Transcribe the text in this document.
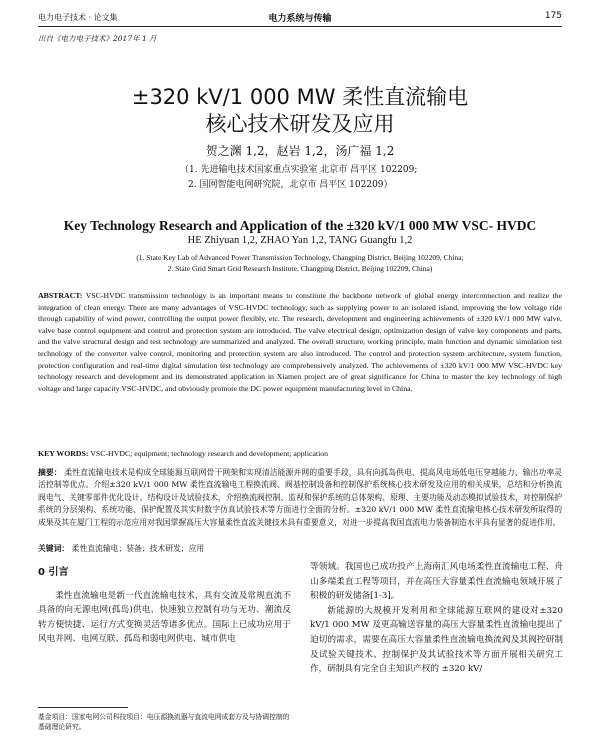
电力电子技术 · 论文集	电力系统与传输	175
出自《电力电子技术》2017年 1 月
±320 kV/1 000 MW 柔性直流输电
核心技术研发及应用
贺之渊 1,2，赵岩 1,2，汤广福 1,2
（1. 先进输电技术国家重点实验室 北京市 昌平区 102209;
2. 国网智能电网研究院，北京市 昌平区 102209）
Key Technology Research and Application of the ±320 kV/1 000 MW VSC- HVDC
HE Zhiyuan 1,2, ZHAO Yan 1,2, TANG Guangfu 1,2
(1. State Key Lab of Advanced Power Transmission Technology, Changping District, Beijing 102209, China;
2. State Grid Smart Grid Research Institute, Changping District, Beijing 102209, China)
ABSTRACT: VSC-HVDC transmission technology is an important means to constitute the backbone network of global energy interconnection and realize the integration of clean energy. There are many advantages of VSC-HVDC technology, such as supplying power to an isolated island, improving the low voltage ride through capability of wind power, controlling the output power flexibly, etc. The research, development and engineering achievements of ±320 kV/1 000 MW valve, valve base control equipment and control and protection system are introduced. The valve electrical design, optimization design of valve key components and parts, and the valve structural design and test technology are summarized and analyzed. The overall structure, working principle, main function and dynamic simulation test technology of the converter valve control, monitoring and protection system are also introduced. The control and protection system architecture, system function, protection configuration and real-time digital simulation test technology are comprehensively analyzed. The achievements of ±320 kV/1 000 MW VSC-HVDC key technology research and development and its demonstrated application in Xiamen project are of great significance for China to master the key technology of high voltage and large capacity VSC-HVDC, and obviously promote the DC power equipment manufacturing level in China.
KEY WORDS: VSC-HVDC; equipment; technology research and development; application
摘要： 柔性直流输电技术是构成全球能源互联网骨干网架和实现清洁能源并网的重要手段，具有向孤岛供电、提高风电场低电压穿越能力、输出功率灵活控制等优点。介绍±320 kV/1 000 MW 柔性直流输电工程换流阀、阀基控制设备和控制保护系统核心技术研发及应用的相关成果，总结和分析换流阀电气、关键零部件优化设计、结构设计及试验技术，介绍换流阀控制、监视和保护系统的总体架构、原理、主要功能及动态模拟试验技术，对控制保护系统的分层架构、系统功能、保护配置及其实时数字仿真试验技术等方面进行全面的分析。±320 kV/1 000 MW 柔性直流输电核心技术研发所取得的成果及其在厦门工程的示范应用对我国掌握高压大容量柔性直流关键技术具有重要意义，对进一步提高我国直流电力装备制造水平具有显著的促进作用。
关键词： 柔性直流输电；装备；技术研发；应用
0 引言
柔性直流输电是新一代直流输电技术，具有交流及常规直流不具备的向无源电网(孤岛)供电、快速独立控制有功与无功、潮流反转方便快捷、运行方式变换灵活等诸多优点。国际上已成功应用于风电并网、电网互联、孤岛和弱电网供电、城市供电
等领域。我国也已成功投产上海南汇风电场柔性直流输电工程、舟山多端柔直工程等项目，并在高压大容量柔性直流输电领域开展了积极的研发储备[1-3]。
新能源的大规模开发利用和全球能源互联网的建设对±320 kV/1 000 MW 及更高输送容量的高压大容量柔性直流输电提出了迫切的需求，需要在高压大容量柔性直流输电换流阀及其阀控研制及试验关键技术、控制保护及其试验技术等方面开展相关研究工作，研制具有完全自主知识产权的 ±320 kV/
基金项目：国家电网公司科技项目：电压源换流器与直流电网成套方及与协调控制的基础理论研究。
